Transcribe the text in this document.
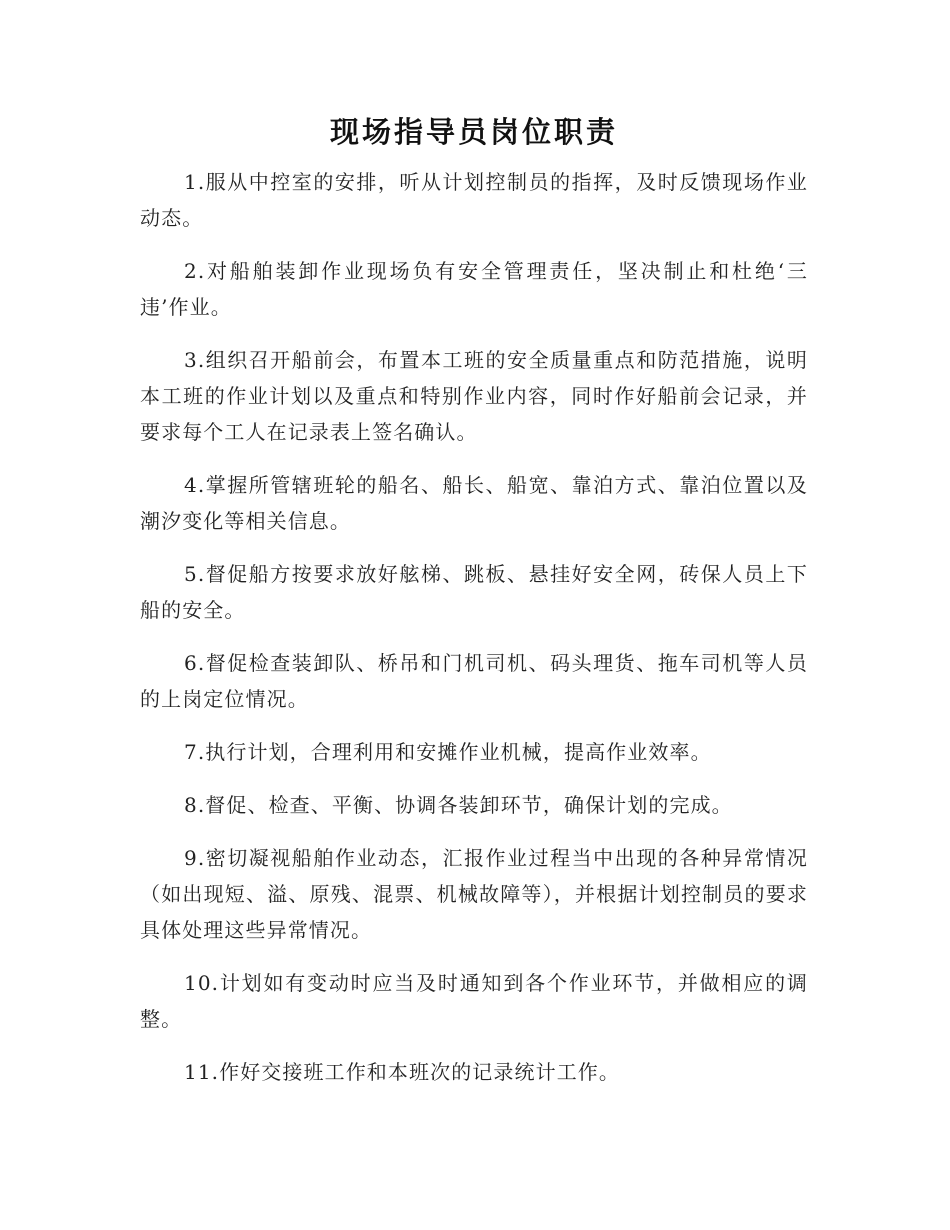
现场指导员岗位职责

1.服从中控室的安排，听从计划控制员的指挥，及时反馈现场作业动态。

2.对船舶装卸作业现场负有安全管理责任，坚决制止和杜绝‘三违’作业。

3.组织召开船前会，布置本工班的安全质量重点和防范措施，说明本工班的作业计划以及重点和特别作业内容，同时作好船前会记录，并要求每个工人在记录表上签名确认。

4.掌握所管辖班轮的船名、船长、船宽、靠泊方式、靠泊位置以及潮汐变化等相关信息。

5.督促船方按要求放好舷梯、跳板、悬挂好安全网，砖保人员上下船的安全。

6.督促检查装卸队、桥吊和门机司机、码头理货、拖车司机等人员的上岗定位情况。

7.执行计划，合理利用和安摊作业机械，提高作业效率。

8.督促、检查、平衡、协调各装卸环节，确保计划的完成。

9.密切凝视船舶作业动态，汇报作业过程当中出现的各种异常情况（如出现短、溢、原残、混票、机械故障等），并根据计划控制员的要求具体处理这些异常情况。

10.计划如有变动时应当及时通知到各个作业环节，并做相应的调整。

11.作好交接班工作和本班次的记录统计工作。
